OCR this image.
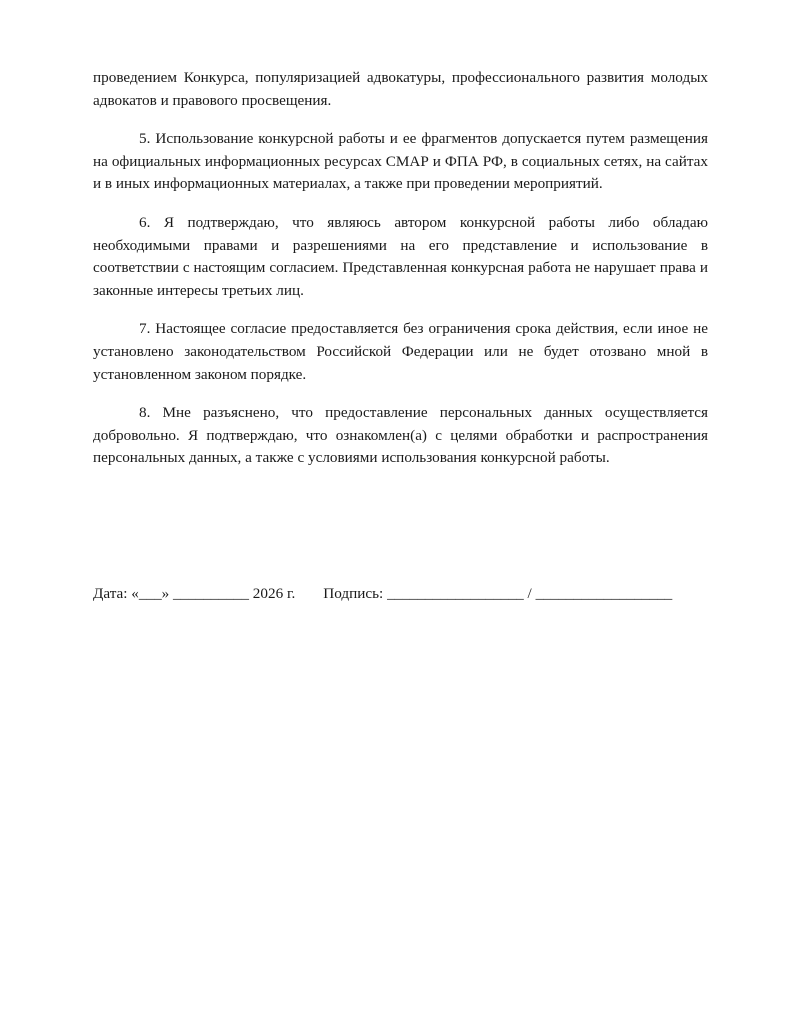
проведением Конкурса, популяризацией адвокатуры, профессионального развития молодых адвокатов и правового просвещения.

5. Использование конкурсной работы и ее фрагментов допускается путем размещения на официальных информационных ресурсах СМАР и ФПА РФ, в социальных сетях, на сайтах и в иных информационных материалах, а также при проведении мероприятий.

6. Я подтверждаю, что являюсь автором конкурсной работы либо обладаю необходимыми правами и разрешениями на его представление и использование в соответствии с настоящим согласием. Представленная конкурсная работа не нарушает права и законные интересы третьих лиц.

7. Настоящее согласие предоставляется без ограничения срока действия, если иное не установлено законодательством Российской Федерации или не будет отозвано мной в установленном законом порядке.

8. Мне разъяснено, что предоставление персональных данных осуществляется добровольно. Я подтверждаю, что ознакомлен(а) с целями обработки и распространения персональных данных, а также с условиями использования конкурсной работы.

Дата: «___» __________ 2026 г. Подпись: __________________ / __________________
